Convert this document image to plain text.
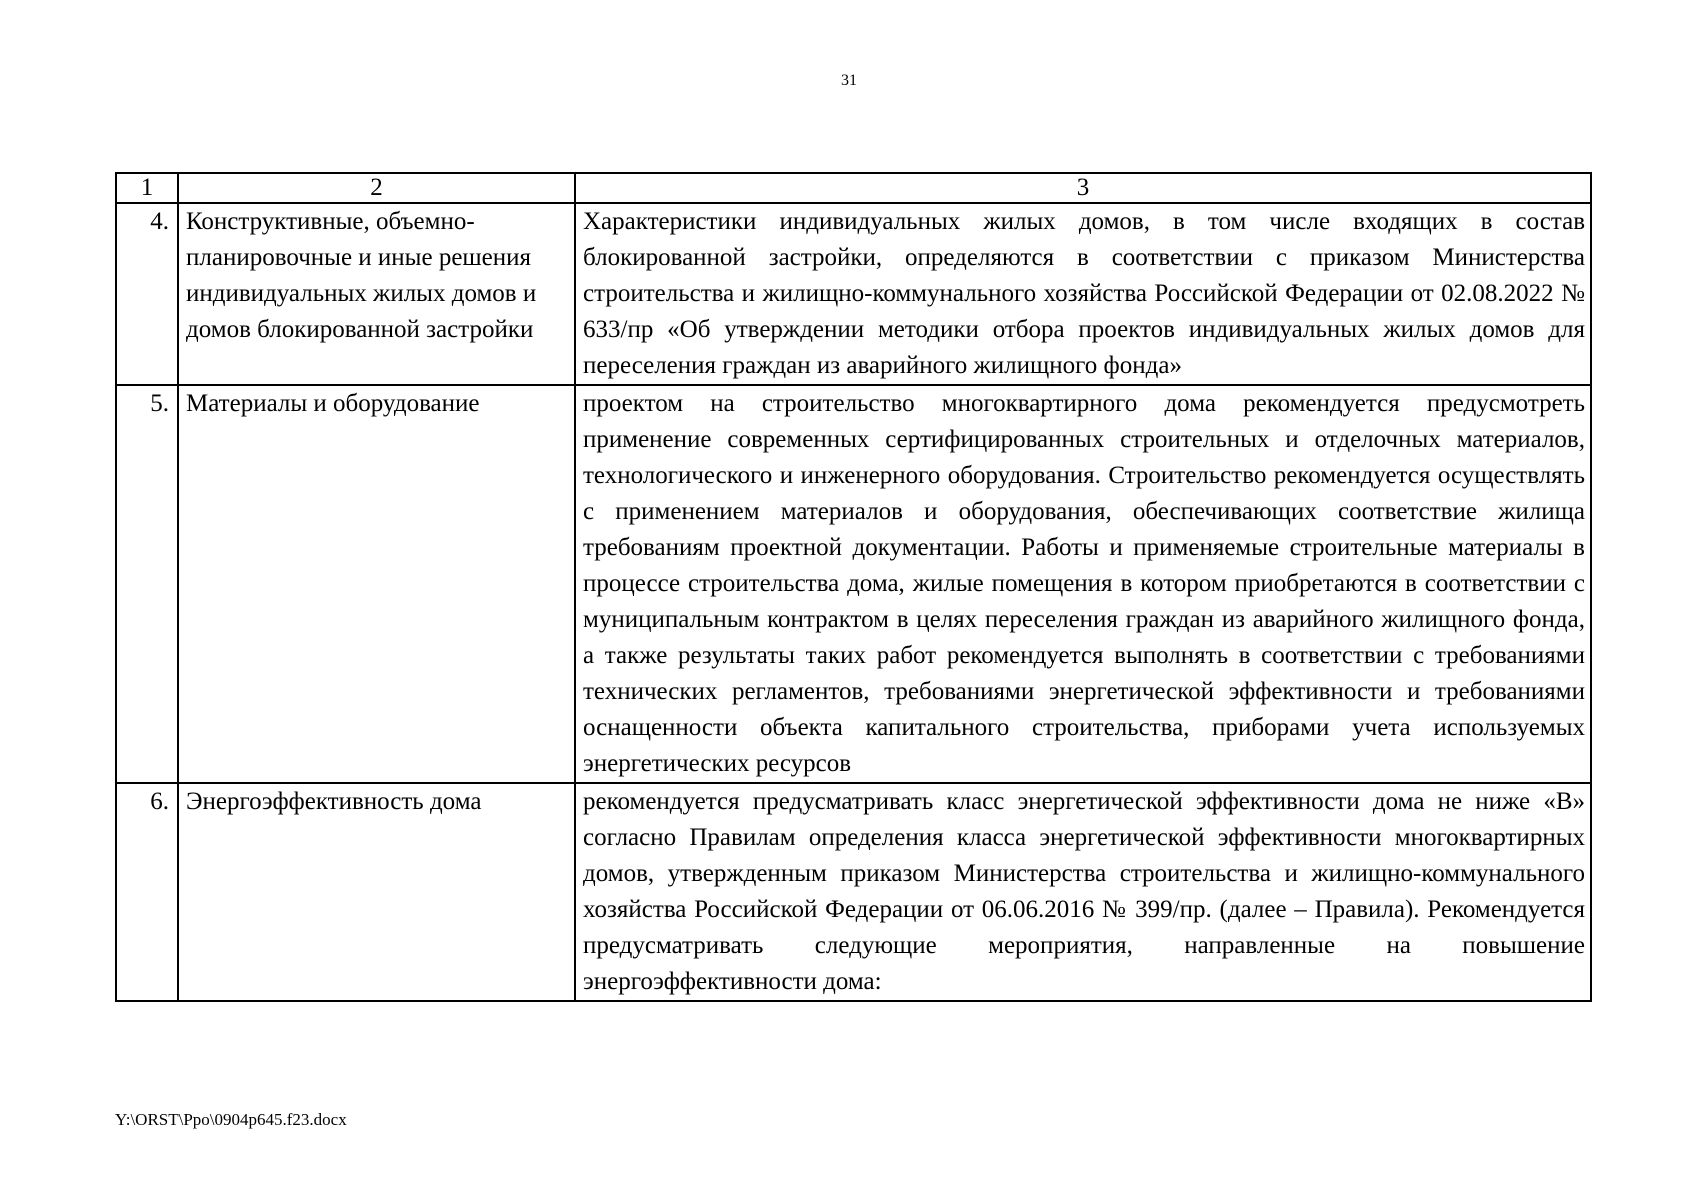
31
1	2	3
4.	Конструктивные, объемно-планировочные и иные решения индивидуальных жилых домов и домов блокированной застройки	Характеристики индивидуальных жилых домов, в том числе входящих в состав блокированной застройки, определяются в соответствии с приказом Министерства строительства и жилищно-коммунального хозяйства Российской Федерации от 02.08.2022 № 633/пр «Об утверждении методики отбора проектов индивидуальных жилых домов для переселения граждан из аварийного жилищного фонда»
5.	Материалы и оборудование	проектом на строительство многоквартирного дома рекомендуется предусмотреть применение современных сертифицированных строительных и отделочных материалов, технологического и инженерного оборудования. Строительство рекомендуется осуществлять с применением материалов и оборудования, обеспечивающих соответствие жилища требованиям проектной документации. Работы и применяемые строительные материалы в процессе строительства дома, жилые помещения в котором приобретаются в соответствии с муниципальным контрактом в целях переселения граждан из аварийного жилищного фонда, а также результаты таких работ рекомендуется выполнять в соответствии с требованиями технических регламентов, требованиями энергетической эффективности и требованиями оснащенности объекта капитального строительства, приборами учета используемых энергетических ресурсов
6.	Энергоэффективность дома	рекомендуется предусматривать класс энергетической эффективности дома не ниже «В» согласно Правилам определения класса энергетической эффективности многоквартирных домов, утвержденным приказом Министерства строительства и жилищно-коммунального хозяйства Российской Федерации от 06.06.2016 № 399/пр. (далее – Правила). Рекомендуется предусматривать следующие мероприятия, направленные на повышение энергоэффективности дома:
Y:\ORST\Ppo\0904p645.f23.docx
